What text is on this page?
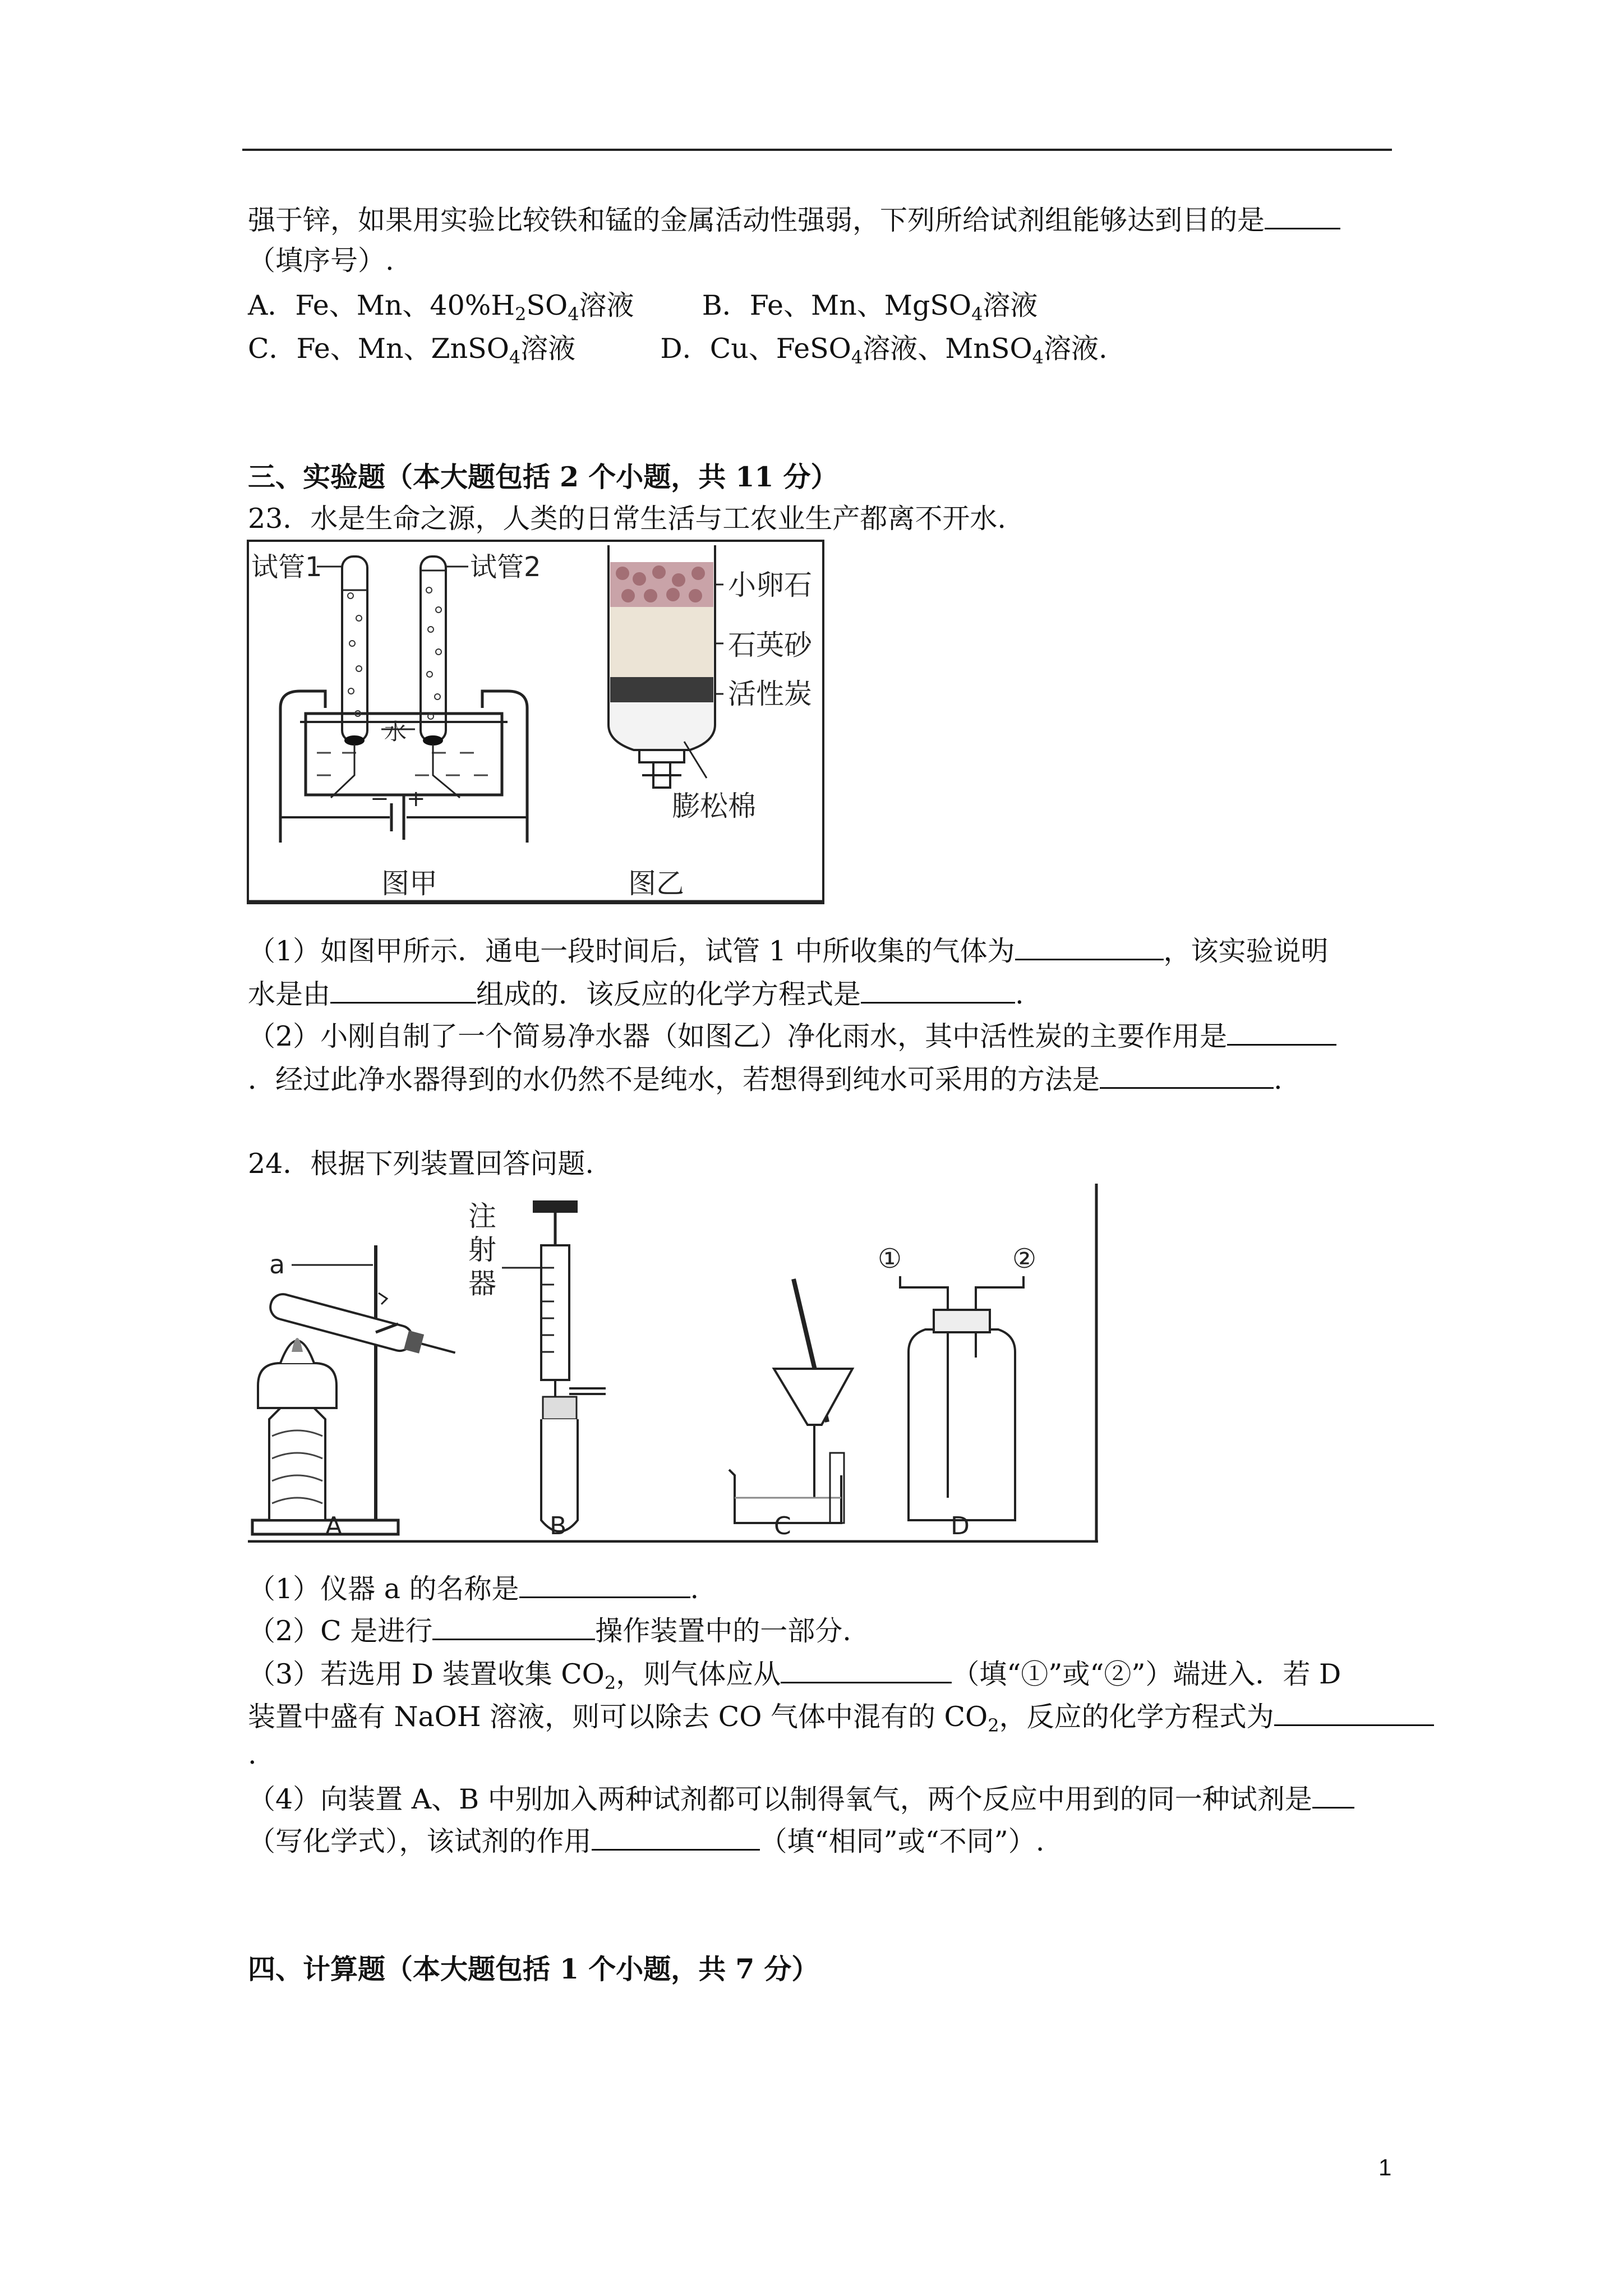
强于锌，如果用实验比较铁和锰的金属活动性强弱，下列所给试剂组能够达到目的是
（填序号）.
A．Fe、Mn、$40\%H_2SO_4$溶液 B．Fe、Mn、MgSO$_4$溶液
C．Fe、Mn、ZnSO$_4$溶液	D．Cu、FeSO$_4$溶液、MnSO$_4$溶液.
三、实验题（本大题包括 2 个小题，共 11 分）
23．水是生命之源，人类的日常生活与工农业生产都离不开水.
试管1	试管2
水
− +
图甲
小卵石
石英砂
活性炭
膨松棉
图乙
（1）如图甲所示．通电一段时间后，试管 1 中所收集的气体为	，该实验说明
水是由	组成的．该反应的化学方程式是	.
（2）小刚自制了一个简易净水器（如图乙）净化雨水，其中活性炭的主要作用是
．经过此净水器得到的水仍然不是纯水，若想得到纯水可采用的方法是	.
24．根据下列装置回答问题.
a
A
注
射
器
B	C
①	②
D
（1）仪器 a 的名称是	.
（2）C 是进行	操作装置中的一部分.
（3）若选用 D 装置收集 $CO_2$，则气体应从	（填“①”或“②”）端进入．若 D
装置中盛有 NaOH 溶液，则可以除去 CO 气体中混有的 $CO_2$，反应的化学方程式为
.
（4）向装置 A、B 中别加入两种试剂都可以制得氧气，两个反应中用到的同一种试剂是
（写化学式），该试剂的作用	（填“相同”或“不同”）.
四、计算题（本大题包括 1 个小题，共 7 分）
1
